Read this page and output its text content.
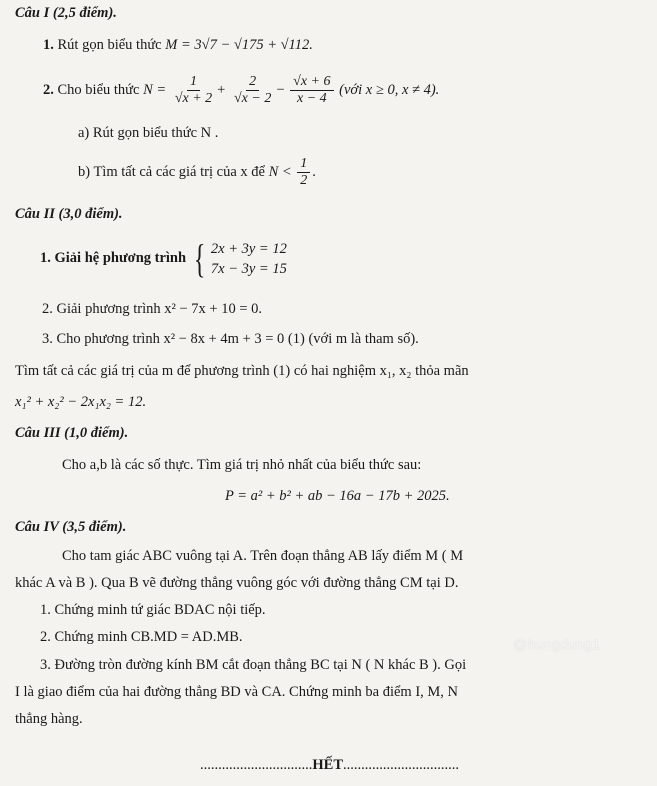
Câu I (2,5 điểm).
1. Rút gọn biểu thức M = 3√7 − √175 + √112.
2. Cho biểu thức $N = \frac{1}{√x + 2} + \frac{2}{√x - 2} - \frac{√x + 6}{x - 4}$ (với x ≥ 0, x ≠ 4).
a) Rút gọn biểu thức N .
b) Tìm tất cả các giá trị của x để $N < \frac{1}{2}$ .
Câu II (3,0 điểm).
1. Giải hệ phương trình { 2x + 3y = 12
7x − 3y = 15
2. Giải phương trình x² − 7x + 10 = 0.
3. Cho phương trình x² − 8x + 4m + 3 = 0 (1) (với m là tham số).
Tìm tất cả các giá trị của m để phương trình (1) có hai nghiệm x₁, x₂ thỏa mãn
x₁² + x₂² − 2x₁x₂ = 12.
Câu III (1,0 điểm).
Cho a,b là các số thực. Tìm giá trị nhỏ nhất của biểu thức sau:
P = a² + b² + ab − 16a − 17b + 2025.
Câu IV (3,5 điểm).
Cho tam giác ABC vuông tại A. Trên đoạn thẳng AB lấy điểm M ( M
khác A và B ). Qua B vẽ đường thẳng vuông góc với đường thẳng CM tại D.
1. Chứng minh tứ giác BDAC nội tiếp.
2. Chứng minh CB.MD = AD.MB.
3. Đường tròn đường kính BM cắt đoạn thẳng BC tại N ( N khác B ). Gọi
I là giao điểm của hai đường thẳng BD và CA. Chứng minh ba điểm I, M, N
thẳng hàng.
...............................HẾT................................
@hungdung1
